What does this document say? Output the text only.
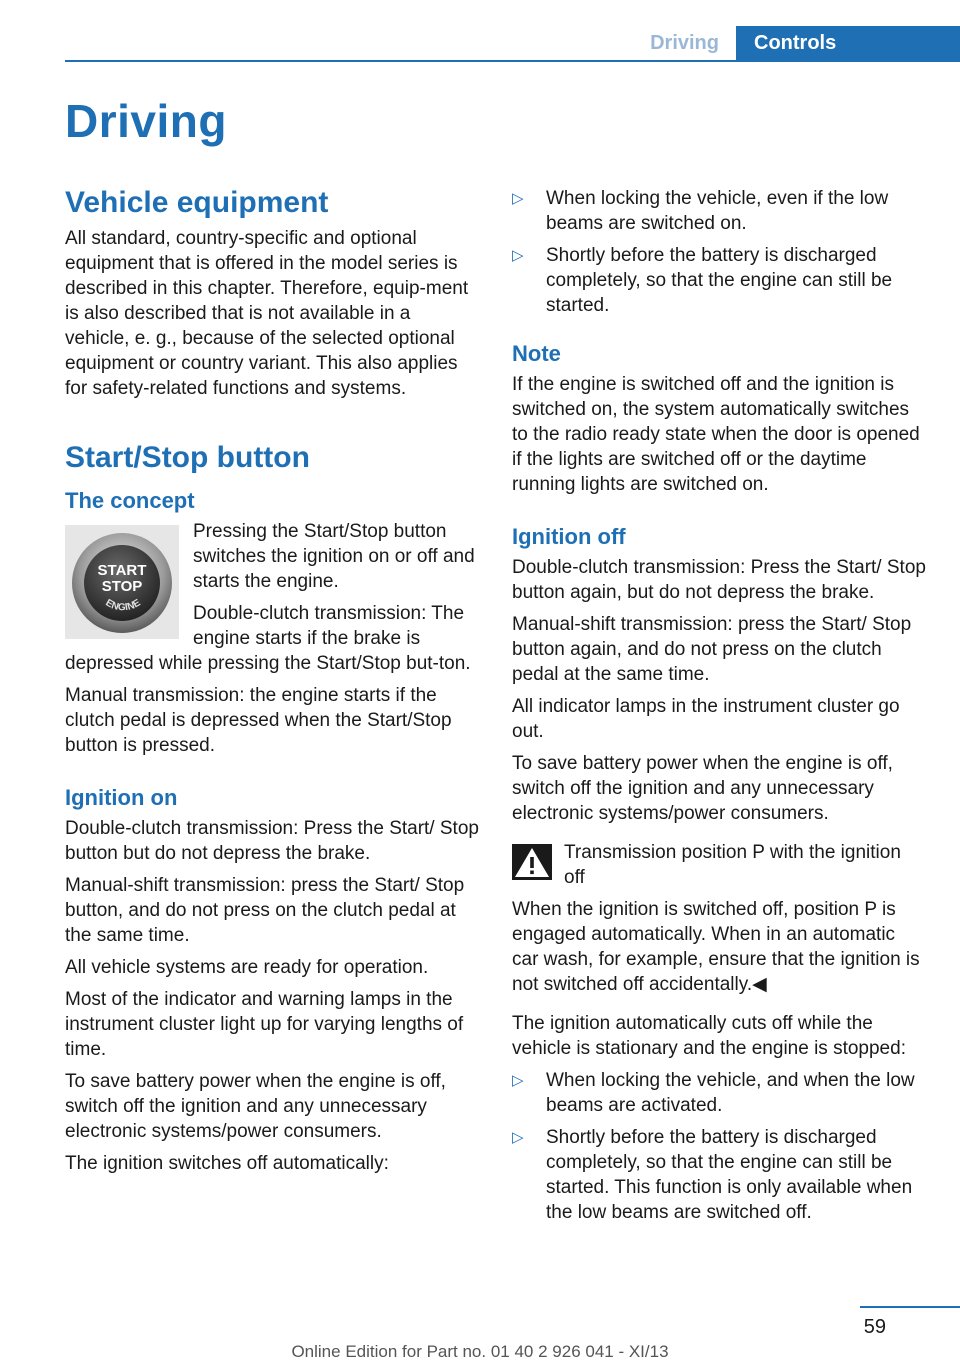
Driving	Controls
Driving
Vehicle equipment

All standard, country-specific and optional equipment that is offered in the model series is described in this chapter. Therefore, equip-ment is also described that is not available in a vehicle, e. g., because of the selected optional equipment or country variant. This also applies for safety-related functions and systems.

Start/Stop button
The concept
START
STOP
ENGINE

Pressing the Start/Stop button switches the ignition on or off and starts the engine.

Double-clutch transmission: The engine starts if the brake is depressed while pressing the Start/Stop but-ton.

Manual transmission: the engine starts if the clutch pedal is depressed when the Start/Stop button is pressed.

Ignition on

Double-clutch transmission: Press the Start/ Stop button but do not depress the brake.

Manual-shift transmission: press the Start/ Stop button, and do not press on the clutch pedal at the same time.

All vehicle systems are ready for operation.

Most of the indicator and warning lamps in the instrument cluster light up for varying lengths of time.

To save battery power when the engine is off, switch off the ignition and any unnecessary electronic systems/power consumers.

The ignition switches off automatically:

▷ When locking the vehicle, even if the low beams are switched on.
▷ Shortly before the battery is discharged completely, so that the engine can still be started.
Note

If the engine is switched off and the ignition is switched on, the system automatically switches to the radio ready state when the door is opened if the lights are switched off or the daytime running lights are switched on.

Ignition off

Double-clutch transmission: Press the Start/ Stop button again, but do not depress the brake.

Manual-shift transmission: press the Start/ Stop button again, and do not press on the clutch pedal at the same time.

All indicator lamps in the instrument cluster go out.

To save battery power when the engine is off, switch off the ignition and any unnecessary electronic systems/power consumers.

Transmission position P with the ignition off

When the ignition is switched off, position P is engaged automatically. When in an automatic car wash, for example, ensure that the ignition is not switched off accidentally.◀

The ignition automatically cuts off while the vehicle is stationary and the engine is stopped:

▷ When locking the vehicle, and when the low beams are activated.
▷ Shortly before the battery is discharged completely, so that the engine can still be started. This function is only available when the low beams are switched off.
59
Online Edition for Part no. 01 40 2 926 041 - XI/13
